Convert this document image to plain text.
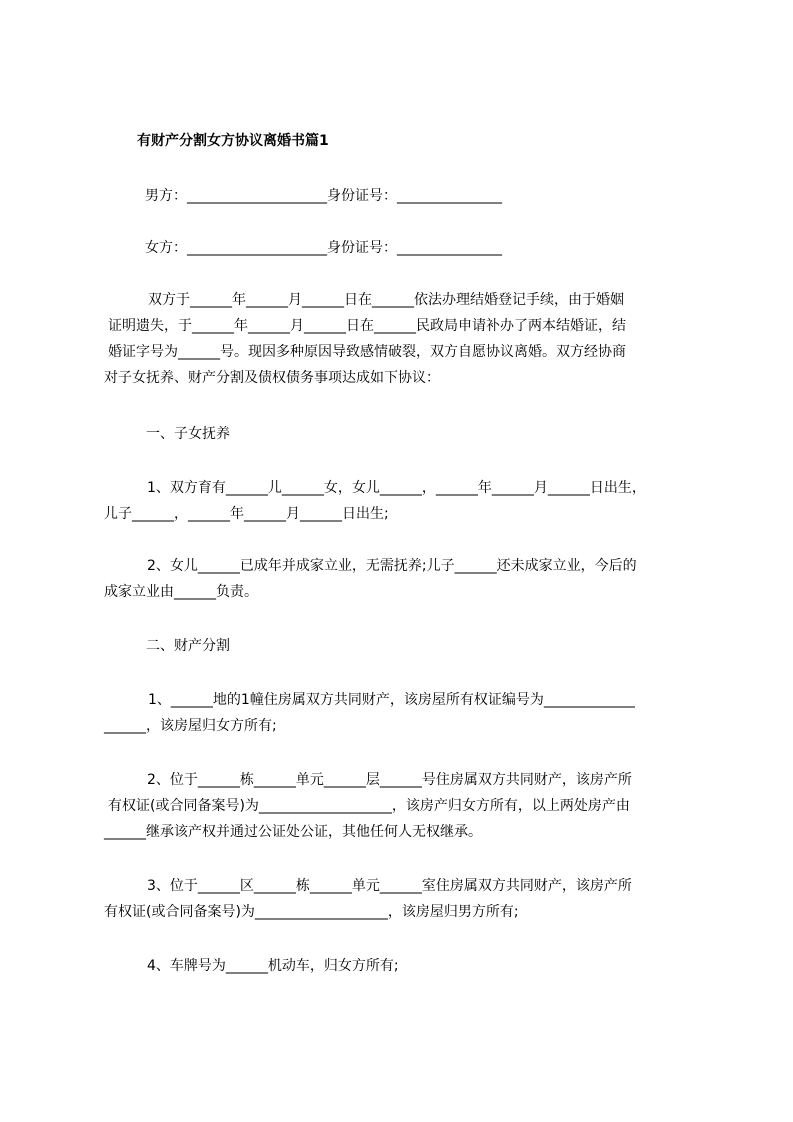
有财产分割女方协议离婚书篇1
男方：____________________身份证号：_______________
女方：____________________身份证号：_______________
双方于______年______月______日在______依法办理结婚登记手续，由于婚姻
证明遗失，于______年______月______日在______民政局申请补办了两本结婚证，结
婚证字号为______号。现因多种原因导致感情破裂，双方自愿协议离婚。双方经协商
对子女抚养、财产分割及债权债务事项达成如下协议：
一、子女抚养
1、双方育有______儿______女，女儿______，______年______月______日出生，
儿子______，______年______月______日出生;
2、女儿______已成年并成家立业，无需抚养;儿子______还未成家立业，今后的
成家立业由______负责。
二、财产分割
1、______地的1幢住房属双方共同财产，该房屋所有权证编号为_____________
______，该房屋归女方所有;
2、位于______栋______单元______层______号住房属双方共同财产，该房产所
有权证(或合同备案号)为___________________，该房产归女方所有，以上两处房产由
______继承该产权并通过公证处公证，其他任何人无权继承。
3、位于______区______栋______单元______室住房属双方共同财产，该房产所
有权证(或合同备案号)为___________________，该房屋归男方所有;
4、车牌号为______机动车，归女方所有;
